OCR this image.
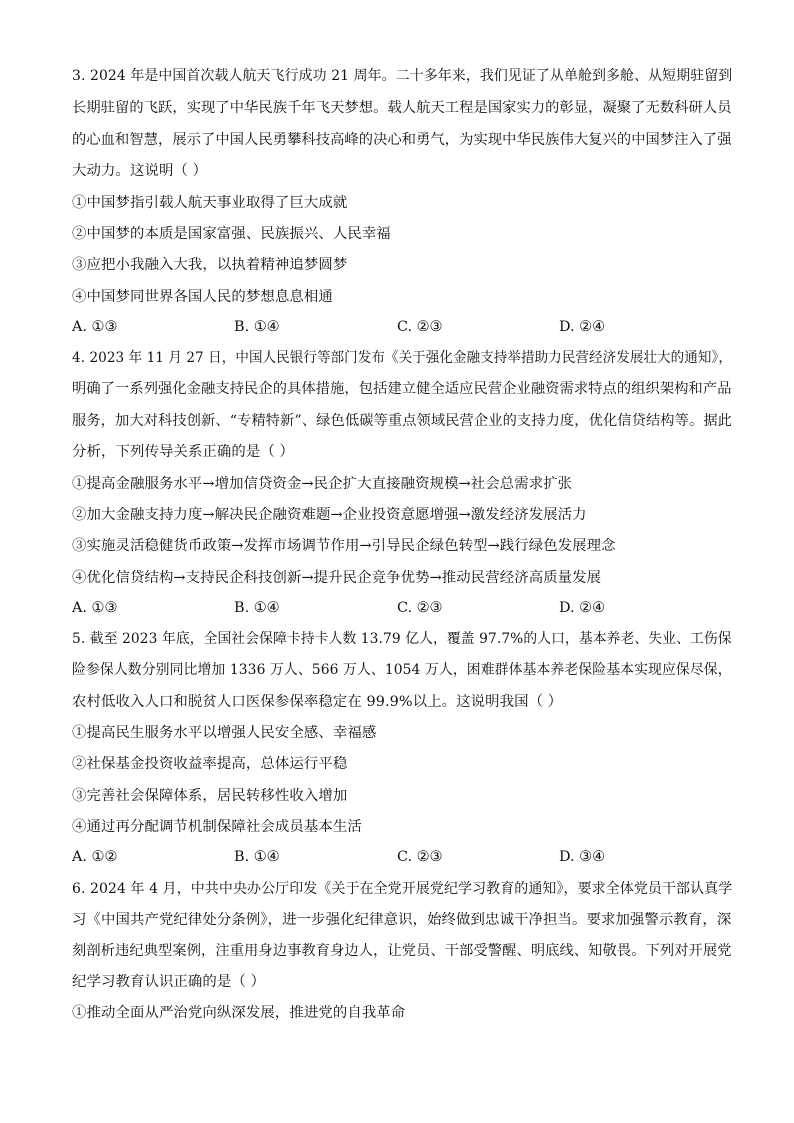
3. 2024 年是中国首次载人航天飞行成功 21 周年。二十多年来，我们见证了从单舱到多舱、从短期驻留到
长期驻留的飞跃，实现了中华民族千年飞天梦想。载人航天工程是国家实力的彰显，凝聚了无数科研人员
的心血和智慧，展示了中国人民勇攀科技高峰的决心和勇气，为实现中华民族伟大复兴的中国梦注入了强
大动力。这说明（ ）
①中国梦指引载人航天事业取得了巨大成就
②中国梦的本质是国家富强、民族振兴、人民幸福
③应把小我融入大我，以执着精神追梦圆梦
④中国梦同世界各国人民的梦想息息相通
A. ①③	B. ①④	C. ②③	D. ②④
4. 2023 年 11 月 27 日，中国人民银行等部门发布《关于强化金融支持举措助力民营经济发展壮大的通知》，
明确了一系列强化金融支持民企的具体措施，包括建立健全适应民营企业融资需求特点的组织架构和产品
服务，加大对科技创新、“专精特新”、绿色低碳等重点领域民营企业的支持力度，优化信贷结构等。据此
分析，下列传导关系正确的是（ ）
①提高金融服务水平→增加信贷资金→民企扩大直接融资规模→社会总需求扩张
②加大金融支持力度→解决民企融资难题→企业投资意愿增强→激发经济发展活力
③实施灵活稳健货币政策→发挥市场调节作用→引导民企绿色转型→践行绿色发展理念
④优化信贷结构→支持民企科技创新→提升民企竞争优势→推动民营经济高质量发展
A. ①③	B. ①④	C. ②③	D. ②④
5. 截至 2023 年底，全国社会保障卡持卡人数 13.79 亿人，覆盖 97.7%的人口，基本养老、失业、工伤保
险参保人数分别同比增加 1336 万人、566 万人、1054 万人，困难群体基本养老保险基本实现应保尽保，
农村低收入人口和脱贫人口医保参保率稳定在 99.9%以上。这说明我国（ ）
①提高民生服务水平以增强人民安全感、幸福感
②社保基金投资收益率提高，总体运行平稳
③完善社会保障体系，居民转移性收入增加
④通过再分配调节机制保障社会成员基本生活
A. ①②	B. ①④	C. ②③	D. ③④
6. 2024 年 4 月，中共中央办公厅印发《关于在全党开展党纪学习教育的通知》，要求全体党员干部认真学
习《中国共产党纪律处分条例》，进一步强化纪律意识，始终做到忠诚干净担当。要求加强警示教育，深
刻剖析违纪典型案例，注重用身边事教育身边人，让党员、干部受警醒、明底线、知敬畏。下列对开展党
纪学习教育认识正确的是（ ）
①推动全面从严治党向纵深发展，推进党的自我革命
